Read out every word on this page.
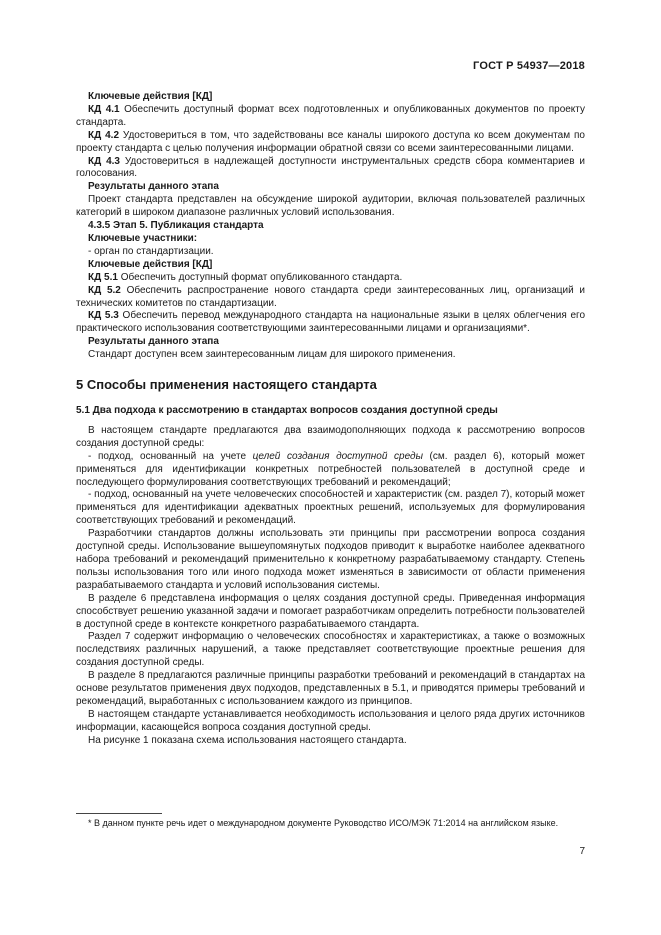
ГОСТ Р 54937—2018

Ключевые действия [КД]

КД 4.1 Обеспечить доступный формат всех подготовленных и опубликованных документов по проекту стандарта.

КД 4.2 Удостовериться в том, что задействованы все каналы широкого доступа ко всем документам по проекту стандарта с целью получения информации обратной связи со всеми заинтересованными лицами.

КД 4.3 Удостовериться в надлежащей доступности инструментальных средств сбора комментариев и голосования.

Результаты данного этапа

Проект стандарта представлен на обсуждение широкой аудитории, включая пользователей различных категорий в широком диапазоне различных условий использования.

4.3.5 Этап 5. Публикация стандарта

Ключевые участники:

- орган по стандартизации.

Ключевые действия [КД]

КД 5.1 Обеспечить доступный формат опубликованного стандарта.

КД 5.2 Обеспечить распространение нового стандарта среди заинтересованных лиц, организаций и технических комитетов по стандартизации.

КД 5.3 Обеспечить перевод международного стандарта на национальные языки в целях облегчения его практического использования соответствующими заинтересованными лицами и организациями*.

Результаты данного этапа

Стандарт доступен всем заинтересованным лицам для широкого применения.

5 Способы применения настоящего стандарта

5.1 Два подхода к рассмотрению в стандартах вопросов создания доступной среды

В настоящем стандарте предлагаются два взаимодополняющих подхода к рассмотрению вопросов создания доступной среды:

- подход, основанный на учете целей создания доступной среды (см. раздел 6), который может применяться для идентификации конкретных потребностей пользователей в доступной среде и последующего формулирования соответствующих требований и рекомендаций;

- подход, основанный на учете человеческих способностей и характеристик (см. раздел 7), который может применяться для идентификации адекватных проектных решений, используемых для формулирования соответствующих требований и рекомендаций.

Разработчики стандартов должны использовать эти принципы при рассмотрении вопроса создания доступной среды. Использование вышеупомянутых подходов приводит к выработке наиболее адекватного набора требований и рекомендаций применительно к конкретному разрабатываемому стандарту. Степень пользы использования того или иного подхода может изменяться в зависимости от области применения разрабатываемого стандарта и условий использования системы.

В разделе 6 представлена информация о целях создания доступной среды. Приведенная информация способствует решению указанной задачи и помогает разработчикам определить потребности пользователей в доступной среде в контексте конкретного разрабатываемого стандарта.

Раздел 7 содержит информацию о человеческих способностях и характеристиках, а также о возможных последствиях различных нарушений, а также представляет соответствующие проектные решения для создания доступной среды.

В разделе 8 предлагаются различные принципы разработки требований и рекомендаций в стандартах на основе результатов применения двух подходов, представленных в 5.1, и приводятся примеры требований и рекомендаций, выработанных с использованием каждого из принципов.

В настоящем стандарте устанавливается необходимость использования и целого ряда других источников информации, касающейся вопроса создания доступной среды.

На рисунке 1 показана схема использования настоящего стандарта.

* В данном пункте речь идет о международном документе Руководство ИСО/МЭК 71:2014 на английском языке.
7
